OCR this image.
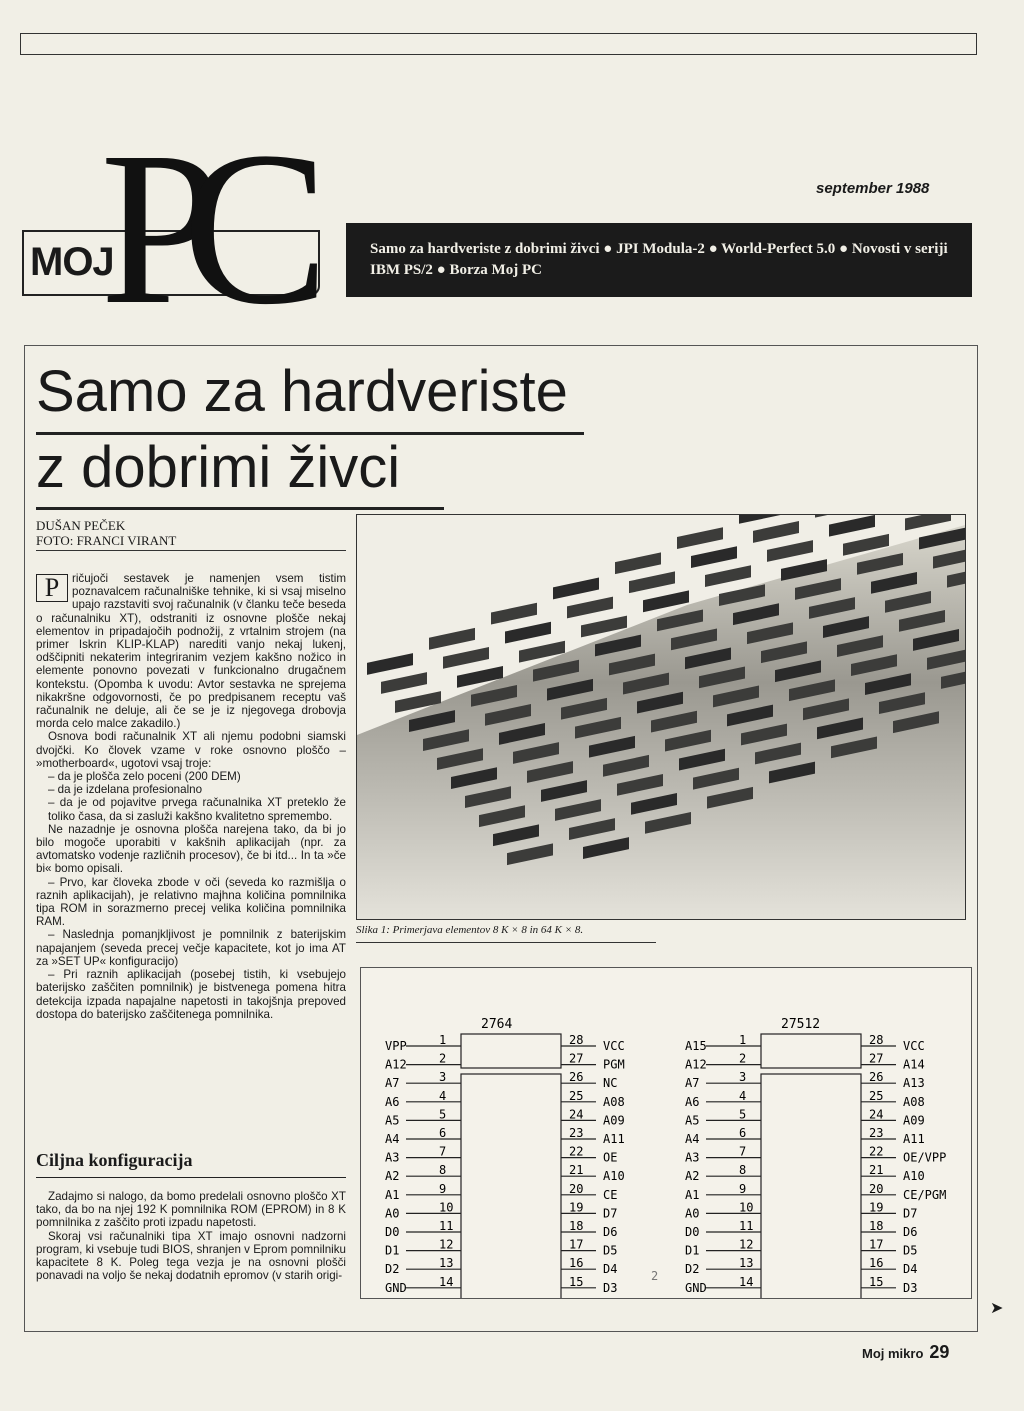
MOJ
PC	september 1988
Samo za hardveriste z dobrimi živci ● JPI Modula-2 ● World-Perfect 5.0 ● Novosti v seriji IBM PS/2 ● Borza Moj PC
Samo za hardveriste
z dobrimi živci
DUŠAN PEČEK
FOTO: FRANCI VIRANT
P	ričujoči sestavek je namenjen vsem tistim poznavalcem računalniške tehnike, ki si vsaj miselno upajo razstaviti svoj računalnik (v članku teče beseda o računalniku XT), odstraniti iz osnovne plošče nekaj elementov in pripadajočih podnožij, z vrtalnim strojem (na primer Iskrin KLIP-KLAP) narediti vanjo nekaj lukenj, odščipniti nekaterim integriranim vezjem kakšno nožico in elemente ponovno povezati v funkcionalno drugačnem kontekstu. (Opomba k uvodu: Avtor sestavka ne sprejema nikakršne odgovornosti, če po predpisanem receptu vaš računalnik ne deluje, ali če se je iz njegovega drobovja morda celo malce zakadilo.)

Osnova bodi računalnik XT ali njemu podobni siamski dvojčki. Ko človek vzame v roke osnovno ploščo – »motherboard«, ugotovi vsaj troje:

– da je plošča zelo poceni (200 DEM)

– da je izdelana profesionalno

– da je od pojavitve prvega računalnika XT preteklo že toliko časa, da si zasluži kakšno kvalitetno spremembo.

Ne nazadnje je osnovna plošča narejena tako, da bi jo bilo mogoče uporabiti v kakšnih aplikacijah (npr. za avtomatsko vodenje različnih procesov), če bi itd... In ta »če bi« bomo opisali.

– Prvo, kar človeka zbode v oči (seveda ko razmišlja o raznih aplikacijah), je relativno majhna količina pomnilnika tipa ROM in sorazmerno precej velika količina pomnilnika RAM.

– Naslednja pomanjkljivost je pomnilnik z baterijskim napajanjem (seveda precej večje kapacitete, kot jo ima AT za »SET UP« konfiguracijo)

– Pri raznih aplikacijah (posebej tistih, ki vsebujejo baterijsko zaščiten pomnilnik) je bistvenega pomena hitra detekcija izpada napajalne napetosti in takojšnja prepoved dostopa do baterijsko zaščitenega pomnilnika.

Ciljna konfiguracija

Zadajmo si nalogo, da bomo predelali osnovno ploščo XT tako, da bo na njej 192 K pomnilnika ROM (EPROM) in 8 K pomnilnika z zaščito proti izpadu napetosti.

Skoraj vsi računalniki tipa XT imajo osnovni nadzorni program, ki vsebuje tudi BIOS, shranjen v Eprom pomnilniku kapacitete 8 K. Poleg tega vezja je na osnovni plošči ponavadi na voljo še nekaj dodatnih epromov (v starih origi-

Slika 1: Primerjava elementov 8 K × 8 in 64 K × 8.
2764
VPP	1
A12	2
A7	3
A6	4
A5	5
A4	6
A3	7
A2	8
A1	9
A0	10
D0	11
D1	12
D2	13
GND	14
28 VCC
27 PGM
26 NC
25 A08
24 A09
23 A11
22 OE
21 A10
20 CE
19 D7
18 D6
17 D5
16 D4
15 D3
27512
A15	1
A12	2
A7	3
A6	4
A5	5
A4	6
A3	7
A2	8
A1	9
A0	10
D0	11
D1	12
D2	13
GND	14
28 VCC
27 A14
26 A13
25 A08
24 A09
23 A11
22 OE/VPP
21 A10
20 CE/PGM
19 D7
18 D6
17 D5
16 D4
15 D3
2
➤
Moj mikro 29
